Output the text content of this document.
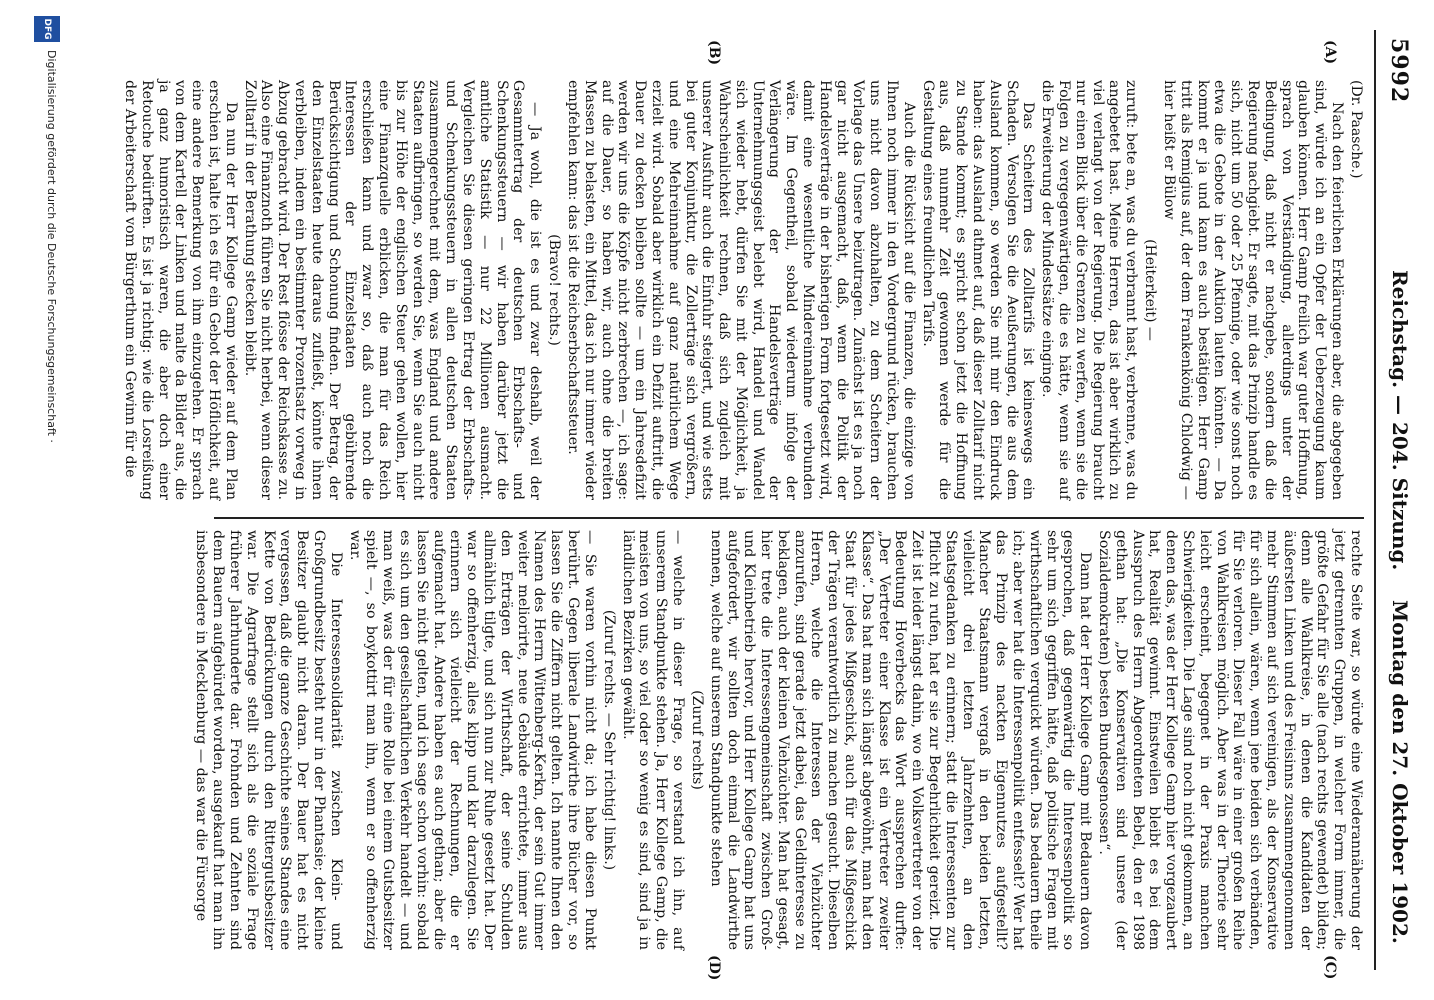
5992
Reichstag. — 204. Sitzung.
Montag den 27. Oktober 1902.
(A)
(B)
(C)
(D)

(Dr. Paasche.)

Nach den feierlichen Erklärungen aber, die abgegeben sind, würde ich an ein Opfer der Ueberzeugung kaum glauben können. Herr Gamp freilich war guter Hoffnung, sprach von Verständigung, allerdings unter der Bedingung, daß nicht er nachgebe, sondern daß die Regierung nachgiebt. Er sagte, mit das Prinzip handle es sich, nicht um 50 oder 25 Pfennige, oder wie sonst noch etwa die Gebote in der Auktion lauten könnten. — Da kommt er ja und kann es auch bestätigen. Herr Gamp tritt als Remigius auf, der dem Frankenkönig Chlodwig — hier heißt er Bülow

(Heiterkeit) —

zuruft: bete an, was du verbrannt hast, verbrenne, was du angebetet hast. Meine Herren, das ist aber wirklich zu viel verlangt von der Regierung. Die Regierung braucht nur einen Blick über die Grenzen zu werfen, wenn sie die Folgen zu vergegenwärtigen, die es hätte, wenn sie auf die Erweiterung der Mindestsätze einginge.

Das Scheitern des Zolltarifs ist keineswegs ein Schaden. Versolgen Sie die Aeußerungen, die aus dem Ausland kommen, so werden Sie mit mir den Eindruck haben: das Ausland athmet auf, daß dieser Zolltarif nicht zu Stande kommt; es spricht schon jetzt die Hoffnung aus, daß nunmehr Zeit gewonnen werde für die Gestaltung eines freundlichen Tarifs.

Auch die Rücksicht auf die Finanzen, die einzige von Ihnen noch immer in den Vordergrund rücken, brauchen uns nicht davon abzuhalten, zu dem Scheitern der Vorlage das Unsere beizutragen. Zunächst ist es ja noch gar nicht ausgemacht, daß, wenn die Politik der Handelsverträge in der bisherigen Form fortgesetzt wird, damit eine wesentliche Mindereinnahme verbunden wäre. Im Gegentheil, sobald wiederum infolge der Verlängerung der Handelsverträge der Unternehmungsgeist belebt wird, Handel und Wandel sich wieder hebt, dürfen Sie mit der Möglichkeit, ja Wahrscheinlichkeit rechnen, daß sich zugleich mit unserer Ausfuhr auch die Einfuhr steigert, und wie stets bei guter Konjunktur, die Zollerträge sich vergrößern, und eine Mehreinnahme auf ganz natürlichem Wege erzielt wird. Sobald aber wirklich ein Defizit auftritt, die Dauer zu decken bleiben sollte — um ein Jahresdefizit werden wir uns die Köpfe nicht zerbrechen —, ich sage: auf die Dauer, so haben wir, auch ohne die breiten Massen zu belasten, ein Mittel, das ich nur immer wieder empfehlen kann: das ist die Reichserbschaftssteuer.

(Bravo! rechts.)

— Ja wohl, die ist es und zwar deshalb, weil der Gesammtertrag der deutschen Erbschafts- und Schenkungssteuern — wir haben darüber jetzt die amtliche Statistik — nur 22 Millionen ausmacht. Vergleichen Sie diesen geringen Ertrag der Erbschafts- und Schenkungssteuern in allen deutschen Staaten zusammengerechnet mit dem, was England und andere Staaten aufbringen, so werden Sie, wenn Sie auch nicht bis zur Höhe der englischen Steuer gehen wollen, hier eine Finanzquelle erblicken, die man für das Reich erschließen kann und zwar so, daß auch noch die Interessen der Einzelstaaten gebührende Berücksichtigung und Schonung finden. Der Betrag, der den Einzelstaaten heute daraus zufließt, könnte ihnen verbleiben, indem ein bestimmter Prozentsatz vorweg in Abzug gebracht wird. Der Rest flösse der Reichskasse zu. Also eine Finanznoth führen Sie nicht herbei, wenn dieser Zolltarif in der Berathung stecken bleibt.

Da nun der Herr Kollege Gamp wieder auf dem Plan erschien ist, halte ich es für ein Gebot der Höflichkeit, auf eine andere Bemerkung von ihm einzugehen. Er sprach von dem Kartell der Linken und malte da Bilder aus, die ja ganz humoristisch waren, die aber doch einer Retouche bedürften. Es ist ja richtig: wie die Losreißung der Arbeiterschaft vom Bürgerthum ein Gewinn für die

rechte Seite war, so würde eine Wiederannäherung der jetzt getrennten Gruppen, in welcher Form immer, die größte Gefahr für Sie alle (nach rechts gewendet) bilden; denn alle Wahlkreise, in denen die Kandidaten der äußersten Linken und des Freisinns zusammengenommen mehr Stimmen auf sich vereinigen, als der Konservative für sich allein, wären, wenn jene beiden sich verbänden, für Sie verloren. Dieser Fall wäre in einer großen Reihe von Wahlkreisen möglich. Aber was in der Theorie sehr leicht erscheint, begegnet in der Praxis manchen Schwierigkeiten. Die Lage sind noch nicht gekommen, an denen das, was der Herr Kollege Gamp hier vorgezaubert hat, Realität gewinnt. Einstweilen bleibt es bei dem Ausspruch des Herrn Abgeordneten Bebel, den er 1898 gethan hat: „Die Konservativen sind unsere (der Sozialdemokraten) besten Bundesgenossen“.

Dann hat der Herr Kollege Gamp mit Bedauern davon gesprochen, daß gegenwärtig die Interessenpolitik so sehr um sich gegriffen hätte, daß politische Fragen mit wirthschaftlichen verquickt würden. Das bedauern theile ich; aber wer hat die Interessenpolitik entfesselt? Wer hat das Prinzip des nackten Eigennutzes aufgestellt? Mancher Staatsmann vergaß in den beiden letzten, vielleicht drei letzten Jahrzehnten, an den Staatsgedanken zu erinnern; statt die Interessenten zur Pflicht zu rufen, hat er sie zur Begehrlichkeit gereizt. Die Zeit ist leider längst dahin, wo ein Volksvertreter von der Bedeutung Hoverbecks das Wort aussprechen durfte: „Der Vertreter einer Klasse ist ein Vertreter zweiter Klasse“. Das hat man sich längst abgewöhnt, man hat den Staat für jedes Mißgeschick, auch für das Mißgeschick der Trägen verantwortlich zu machen gesucht. Dieselben Herren, welche die Interessen der Viehzüchter anzurufen, sind gerade jetzt dabei, das Geldinteresse zu beklagen, auch der kleinen Viehzüchter. Man hat gesagt, hier trete die Interessengemeinschaft zwischen Groß- und Kleinbetrieb hervor, und Herr Kollege Gamp hat uns aufgefordert, wir sollten doch einmal die Landwirthe nennen, welche auf unserem Standpunkte stehen

(Zuruf rechts)

— welche in dieser Frage, so verstand ich ihn, auf unserem Standpunkte stehen. Ja, Herr Kollege Gamp, die meisten von uns, so viel oder so wenig es sind, sind ja in ländlichen Bezirken gewählt.

(Zuruf rechts. — Sehr richtig! links.)

— Sie waren vorhin nicht da; ich habe diesen Punkt berührt. Gegen liberale Landwirthe ihre Bücher vor, so lassen Sie die Ziffern nicht gelten. Ich nannte Ihnen den Namen des Herrn Wittenberg-Kerkn, der sein Gut immer weiter meliorirte, neue Gebäude errichtete, immer aus den Erträgen der Wirthschaft, der seine Schulden allmählich tilgte, und sich nun zur Ruhe gesetzt hat. Der war so offenherzig, alles klipp und klar darzulegen. Sie erinnern sich vielleicht der Rechnungen, die er aufgemacht hat. Andere haben es auch gethan; aber die lassen Sie nicht gelten, und ich sage schon vorhin: sobald es sich um den gesellschaftlichen Verkehr handelt — und man weiß, was der für eine Rolle bei einem Gutsbesitzer spielt —, so boykottirt man ihn, wenn er so offenherzig war.

Die Interessensolidarität zwischen Klein- und Großgrundbesitz besteht nur in der Phantasie; der kleine Besitzer glaubt nicht daran. Der Bauer hat es nicht vergessen, daß die ganze Geschichte seines Standes eine Kette von Bedrückungen durch den Rittergutsbesitzer war. Die Agrarfrage stellt sich als die soziale Frage früherer Jahrhunderte dar. Frohnden und Zehnten sind dem Bauern aufgebürdet worden, ausgekauft hat man ihn insbesondere in Mecklenburg — das war die Fürsorge

DFG
Digitalisierung gefördert durch die Deutsche Forschungsgemeinschaft ·
